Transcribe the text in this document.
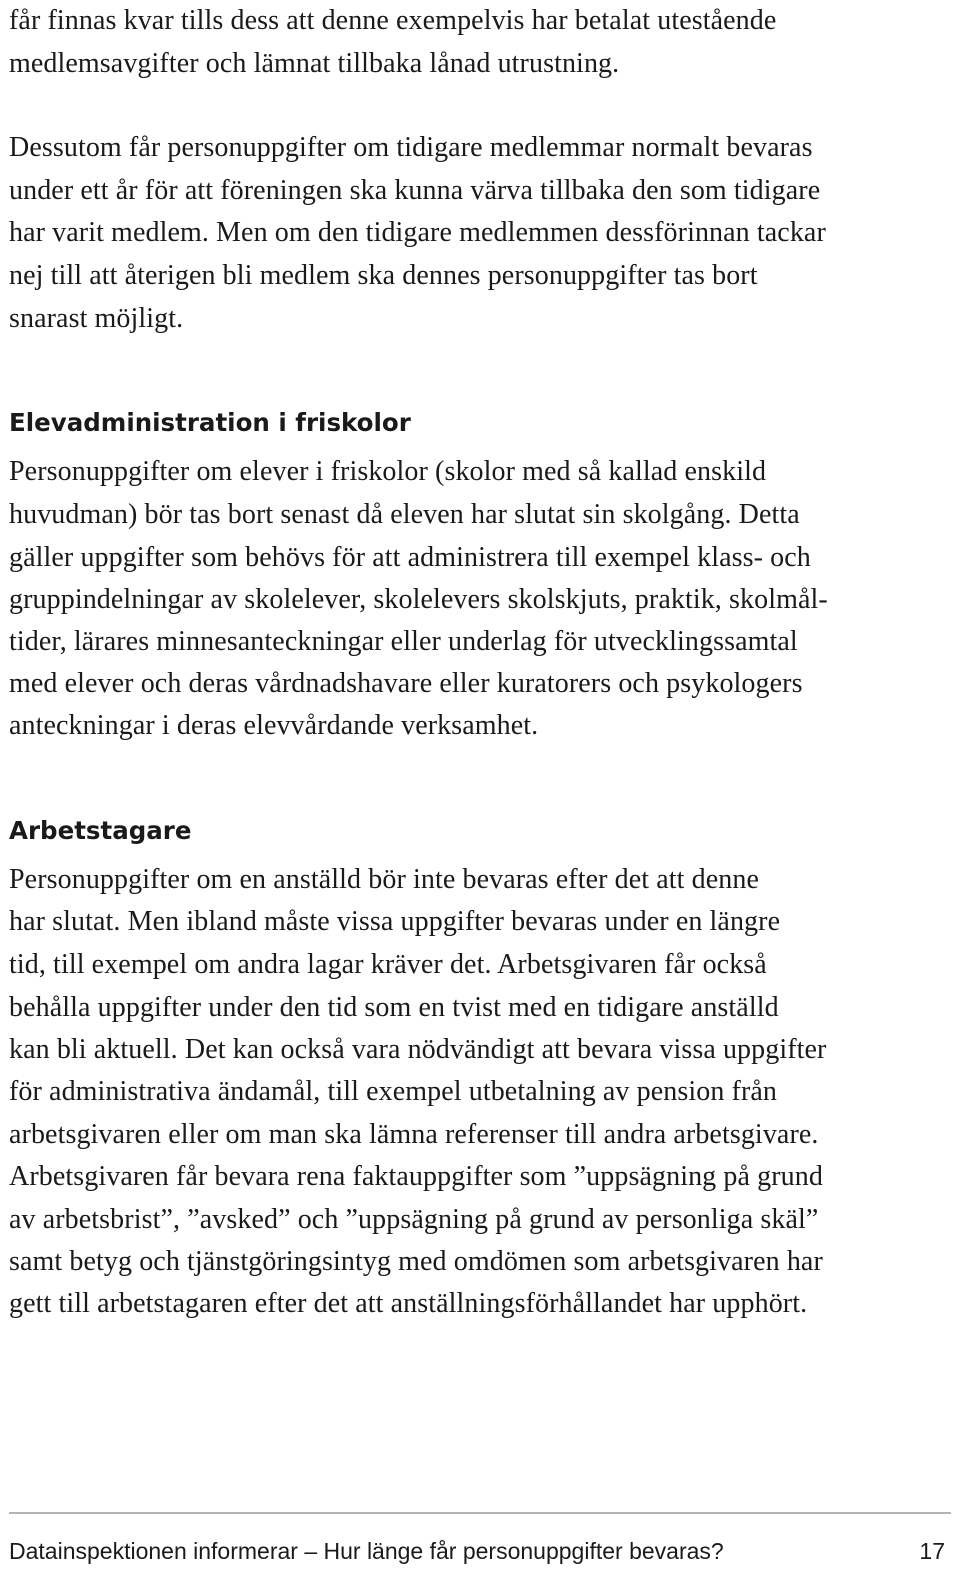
får finnas kvar tills dess att denne exempelvis har betalat utestående
medlemsavgifter och lämnat tillbaka lånad utrustning.
Dessutom får personuppgifter om tidigare medlemmar normalt bevaras
under ett år för att föreningen ska kunna värva tillbaka den som tidigare
har varit medlem. Men om den tidigare medlemmen dessförinnan tackar
nej till att återigen bli medlem ska dennes personuppgifter tas bort
snarast möjligt.
Elevadministration i friskolor
Personuppgifter om elever i friskolor (skolor med så kallad enskild
huvudman) bör tas bort senast då eleven har slutat sin skolgång. Detta
gäller uppgifter som behövs för att administrera till exempel klass- och
gruppindelningar av skolelever, skolelevers skolskjuts, praktik, skolmål-
tider, lärares minnesanteckningar eller underlag för utvecklingssamtal
med elever och deras vårdnadshavare eller kuratorers och psykologers
anteckningar i deras elevvårdande verksamhet.
Arbetstagare
Personuppgifter om en anställd bör inte bevaras efter det att denne
har slutat. Men ibland måste vissa uppgifter bevaras under en längre
tid, till exempel om andra lagar kräver det. Arbetsgivaren får också
behålla uppgifter under den tid som en tvist med en tidigare anställd
kan bli aktuell. Det kan också vara nödvändigt att bevara vissa uppgifter
för administrativa ändamål, till exempel utbetalning av pension från
arbetsgivaren eller om man ska lämna referenser till andra arbetsgivare.
Arbetsgivaren får bevara rena faktauppgifter som ”uppsägning på grund
av arbetsbrist”, ”avsked” och ”uppsägning på grund av personliga skäl”
samt betyg och tjänstgöringsintyg med omdömen som arbetsgivaren har
gett till arbetstagaren efter det att anställningsförhållandet har upphört.
Datainspektionen informerar – Hur länge får personuppgifter bevaras?	17
